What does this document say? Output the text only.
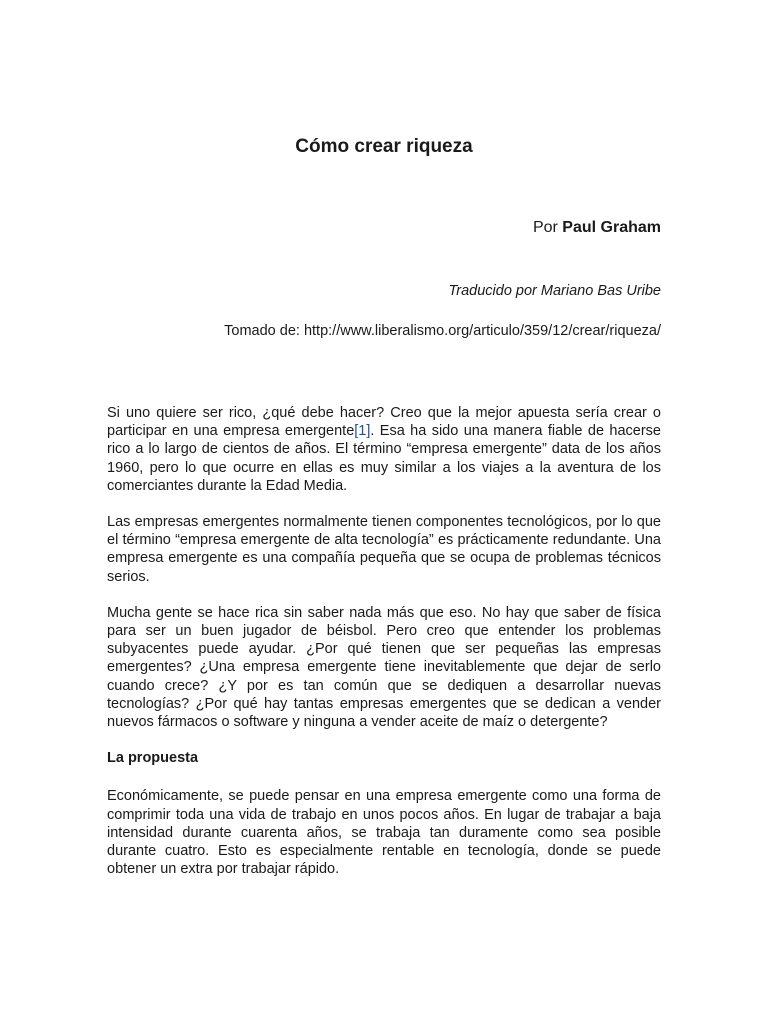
Cómo crear riqueza
Por Paul Graham
Traducido por Mariano Bas Uribe
Tomado de: http://www.liberalismo.org/articulo/359/12/crear/riqueza/

Si uno quiere ser rico, ¿qué debe hacer? Creo que la mejor apuesta sería crear o participar en una empresa emergente[1]. Esa ha sido una manera fiable de hacerse rico a lo largo de cientos de años. El término “empresa emergente” data de los años 1960, pero lo que ocurre en ellas es muy similar a los viajes a la aventura de los comerciantes durante la Edad Media.

Las empresas emergentes normalmente tienen componentes tecnológicos, por lo que el término “empresa emergente de alta tecnología” es prácticamente redundante. Una empresa emergente es una compañía pequeña que se ocupa de problemas técnicos serios.

Mucha gente se hace rica sin saber nada más que eso. No hay que saber de física para ser un buen jugador de béisbol. Pero creo que entender los problemas subyacentes puede ayudar. ¿Por qué tienen que ser pequeñas las empresas emergentes? ¿Una empresa emergente tiene inevitablemente que dejar de serlo cuando crece? ¿Y por es tan común que se dediquen a desarrollar nuevas tecnologías? ¿Por qué hay tantas empresas emergentes que se dedican a vender nuevos fármacos o software y ninguna a vender aceite de maíz o detergente?

La propuesta

Económicamente, se puede pensar en una empresa emergente como una forma de comprimir toda una vida de trabajo en unos pocos años. En lugar de trabajar a baja intensidad durante cuarenta años, se trabaja tan duramente como sea posible durante cuatro. Esto es especialmente rentable en tecnología, donde se puede obtener un extra por trabajar rápido.
